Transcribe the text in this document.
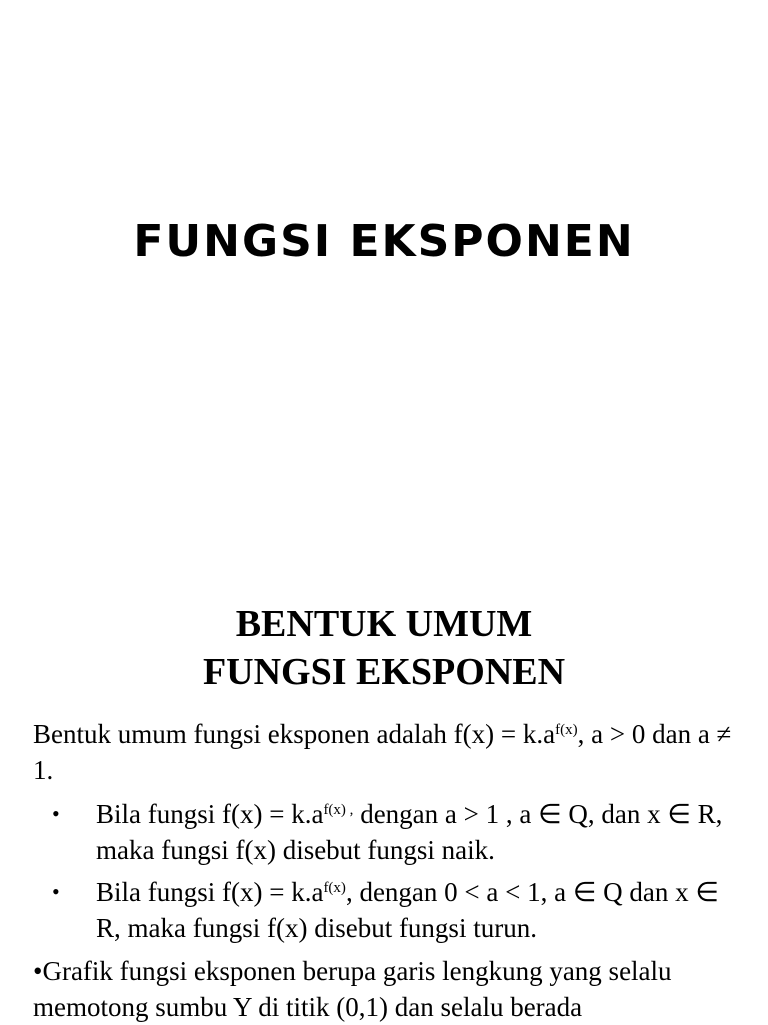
FUNGSI EKSPONEN
BENTUK UMUM
FUNGSI EKSPONEN

Bentuk umum fungsi eksponen adalah $f(x) = k.a^{f(x)}$, a > 0 dan a ≠ 1.

• Bila fungsi $f(x) = k.a^{f(x) ,}$ dengan a > 1 , a ∈ Q, dan x ∈ R, maka fungsi f(x) disebut fungsi naik.
• Bila fungsi $f(x) = k.a^{f(x)}$, dengan 0 < a < 1, a ∈ Q dan x ∈ R, maka fungsi f(x) disebut fungsi turun.

•Grafik fungsi eksponen berupa garis lengkung yang selalu memotong sumbu Y di titik (0,1) dan selalu berada
